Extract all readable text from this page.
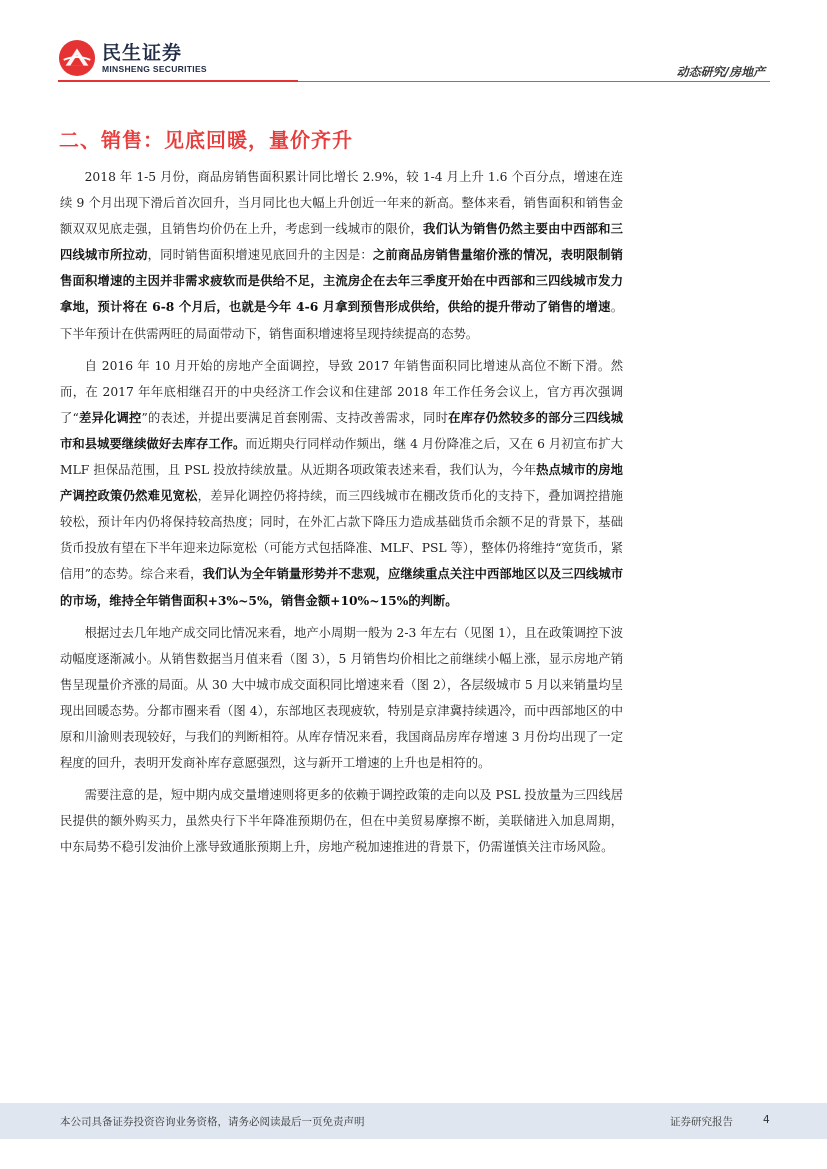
民生证券
MINSHENG SECURITIES	动态研究/房地产
二、销售：见底回暖，量价齐升

2018 年 1-5 月份，商品房销售面积累计同比增长 2.9%，较 1-4 月上升 1.6 个百分点，增速在连续 9 个月出现下滑后首次回升，当月同比也大幅上升创近一年来的新高。整体来看，销售面积和销售金额双双见底走强，且销售均价仍在上升，考虑到一线城市的限价，我们认为销售仍然主要由中西部和三四线城市所拉动，同时销售面积增速见底回升的主因是：之前商品房销售量缩价涨的情况，表明限制销售面积增速的主因并非需求疲软而是供给不足，主流房企在去年三季度开始在中西部和三四线城市发力拿地，预计将在 6-8 个月后，也就是今年 4-6 月拿到预售形成供给，供给的提升带动了销售的增速。下半年预计在供需两旺的局面带动下，销售面积增速将呈现持续提高的态势。

自 2016 年 10 月开始的房地产全面调控，导致 2017 年销售面积同比增速从高位不断下滑。然而，在 2017 年年底相继召开的中央经济工作会议和住建部 2018 年工作任务会议上，官方再次强调了“差异化调控”的表述，并提出要满足首套刚需、支持改善需求，同时在库存仍然较多的部分三四线城市和县城要继续做好去库存工作。而近期央行同样动作频出，继 4 月份降准之后，又在 6 月初宣布扩大 MLF 担保品范围，且 PSL 投放持续放量。从近期各项政策表述来看，我们认为，今年热点城市的房地产调控政策仍然难见宽松，差异化调控仍将持续，而三四线城市在棚改货币化的支持下，叠加调控措施较松，预计年内仍将保持较高热度；同时，在外汇占款下降压力造成基础货币余额不足的背景下，基础货币投放有望在下半年迎来边际宽松（可能方式包括降准、MLF、PSL 等），整体仍将维持“宽货币，紧信用”的态势。综合来看，我们认为全年销量形势并不悲观，应继续重点关注中西部地区以及三四线城市的市场，维持全年销售面积+3%~5%，销售金额+10%~15%的判断。

根据过去几年地产成交同比情况来看，地产小周期一般为 2-3 年左右（见图 1），且在政策调控下波动幅度逐渐减小。从销售数据当月值来看（图 3），5 月销售均价相比之前继续小幅上涨，显示房地产销售呈现量价齐涨的局面。从 30 大中城市成交面积同比增速来看（图 2），各层级城市 5 月以来销量均呈现出回暖态势。分都市圈来看（图 4），东部地区表现疲软，特别是京津冀持续遇冷，而中西部地区的中原和川渝则表现较好，与我们的判断相符。从库存情况来看，我国商品房库存增速 3 月份均出现了一定程度的回升，表明开发商补库存意愿强烈，这与新开工增速的上升也是相符的。

需要注意的是，短中期内成交量增速则将更多的依赖于调控政策的走向以及 PSL 投放量为三四线居民提供的额外购买力，虽然央行下半年降准预期仍在，但在中美贸易摩擦不断，美联储进入加息周期，中东局势不稳引发油价上涨导致通胀预期上升，房地产税加速推进的背景下，仍需谨慎关注市场风险。

本公司具备证券投资咨询业务资格，请务必阅读最后一页免责声明	证券研究报告	4
